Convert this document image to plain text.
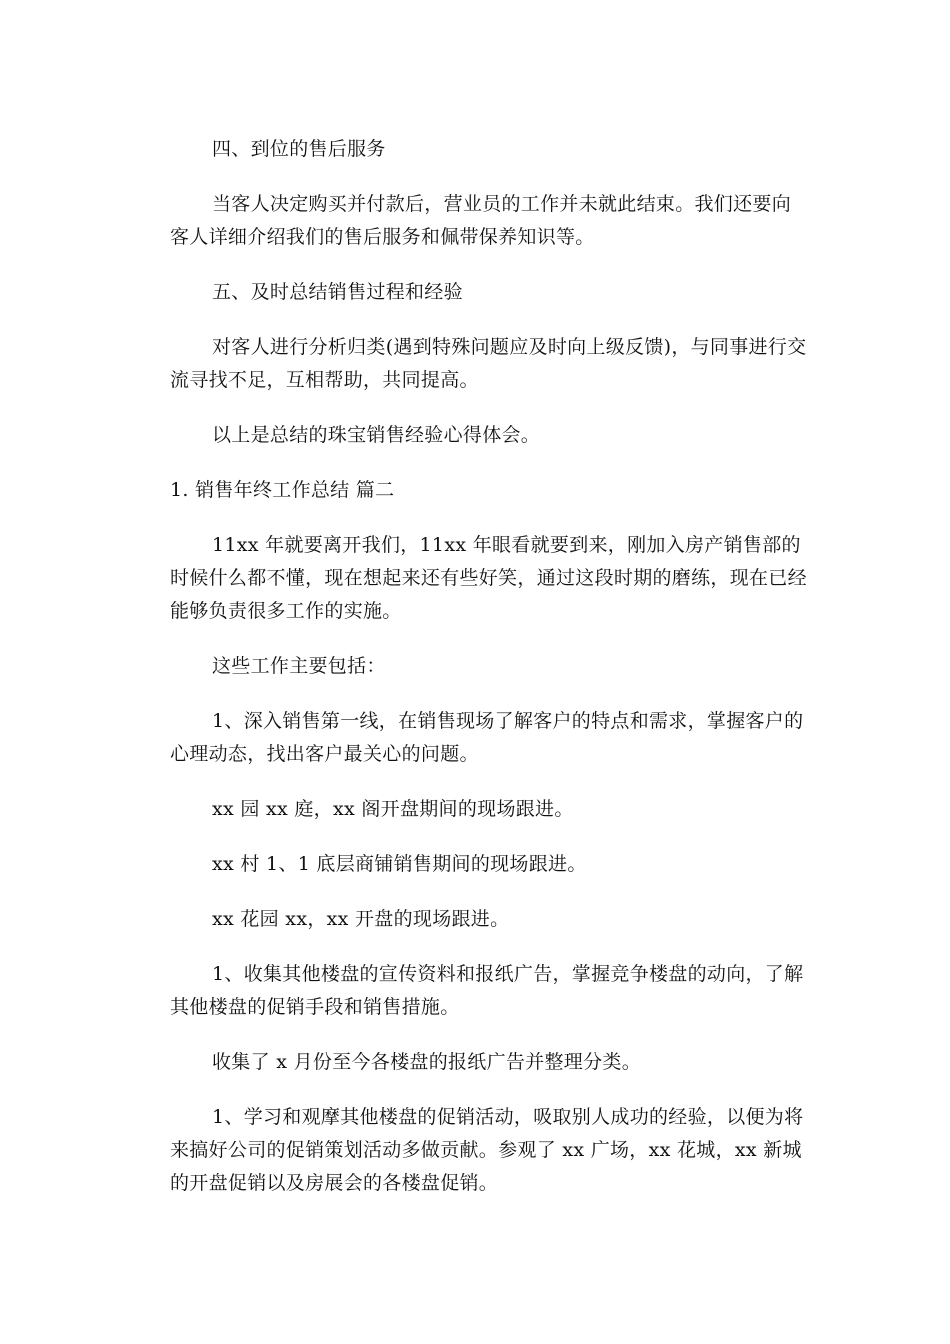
四、到位的售后服务

当客人决定购买并付款后，营业员的工作并未就此结束。我们还要向客人详细介绍我们的售后服务和佩带保养知识等。

五、及时总结销售过程和经验

对客人进行分析归类(遇到特殊问题应及时向上级反馈)，与同事进行交流寻找不足，互相帮助，共同提高。

以上是总结的珠宝销售经验心得体会。

1. 销售年终工作总结 篇二

11xx 年就要离开我们，11xx 年眼看就要到来，刚加入房产销售部的时候什么都不懂，现在想起来还有些好笑，通过这段时期的磨练，现在已经能够负责很多工作的实施。

这些工作主要包括：

1、深入销售第一线，在销售现场了解客户的特点和需求，掌握客户的心理动态，找出客户最关心的问题。

xx 园 xx 庭，xx 阁开盘期间的现场跟进。

xx 村 1、1 底层商铺销售期间的现场跟进。

xx 花园 xx，xx 开盘的现场跟进。

1、收集其他楼盘的宣传资料和报纸广告，掌握竞争楼盘的动向，了解其他楼盘的促销手段和销售措施。

收集了 x 月份至今各楼盘的报纸广告并整理分类。

1、学习和观摩其他楼盘的促销活动，吸取别人成功的经验，以便为将来搞好公司的促销策划活动多做贡献。参观了 xx 广场，xx 花城，xx 新城的开盘促销以及房展会的各楼盘促销。
